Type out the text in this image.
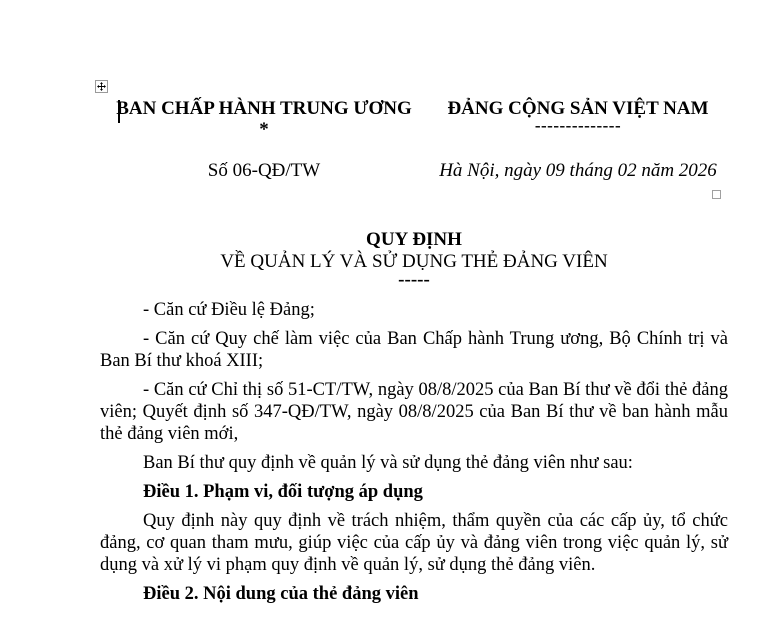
BAN CHẤP HÀNH TRUNG ƯƠNG
*
Số 06-QĐ/TW
ĐẢNG CỘNG SẢN VIỆT NAM
--------------
Hà Nội, ngày 09 tháng 02 năm 2026
QUY ĐỊNH
VỀ QUẢN LÝ VÀ SỬ DỤNG THẺ ĐẢNG VIÊN
-----

- Căn cứ Điều lệ Đảng;

- Căn cứ Quy chế làm việc của Ban Chấp hành Trung ương, Bộ Chính trị và Ban Bí thư khoá XIII;

- Căn cứ Chỉ thị số 51-CT/TW, ngày 08/8/2025 của Ban Bí thư về đổi thẻ đảng viên; Quyết định số 347-QĐ/TW, ngày 08/8/2025 của Ban Bí thư về ban hành mẫu thẻ đảng viên mới,

Ban Bí thư quy định về quản lý và sử dụng thẻ đảng viên như sau:

Điều 1. Phạm vi, đối tượng áp dụng

Quy định này quy định về trách nhiệm, thẩm quyền của các cấp ủy, tổ chức đảng, cơ quan tham mưu, giúp việc của cấp ủy và đảng viên trong việc quản lý, sử dụng và xử lý vi phạm quy định về quản lý, sử dụng thẻ đảng viên.

Điều 2. Nội dung của thẻ đảng viên
